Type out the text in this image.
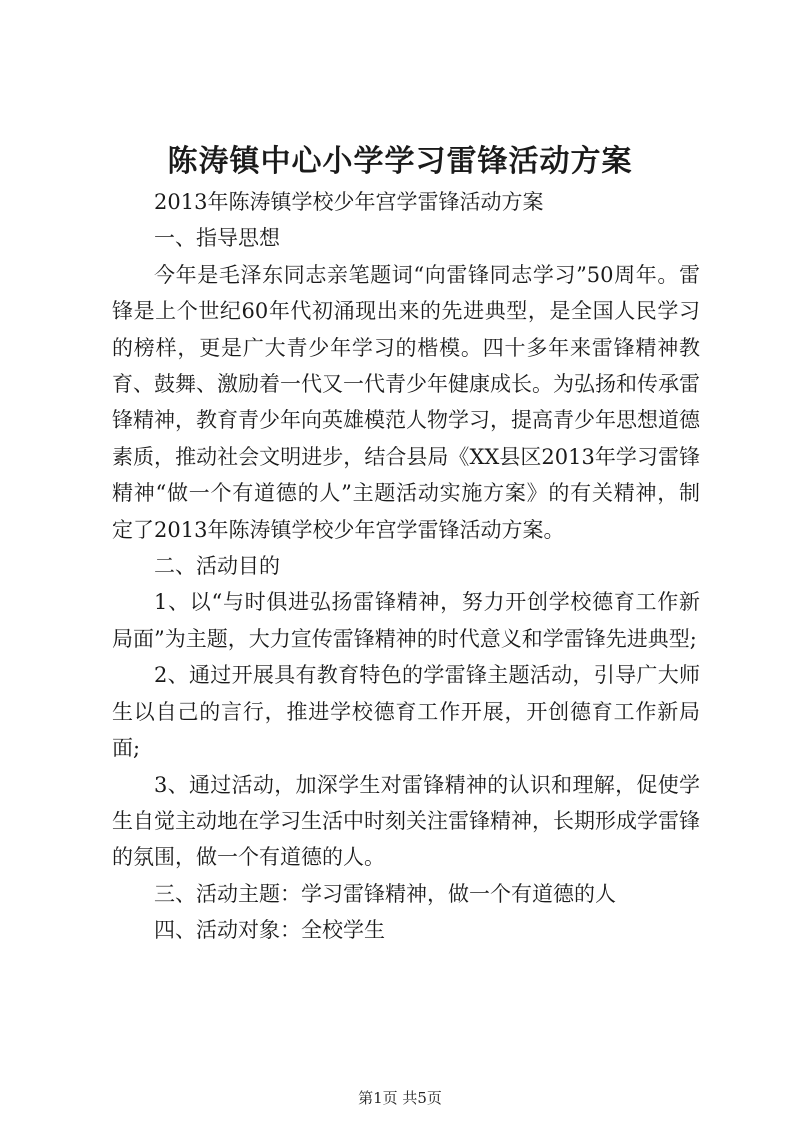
陈涛镇中心小学学习雷锋活动方案

2013年陈涛镇学校少年宫学雷锋活动方案

一、指导思想

今年是毛泽东同志亲笔题词“向雷锋同志学习”50周年。雷锋是上个世纪60年代初涌现出来的先进典型，是全国人民学习的榜样，更是广大青少年学习的楷模。四十多年来雷锋精神教育、鼓舞、激励着一代又一代青少年健康成长。为弘扬和传承雷锋精神，教育青少年向英雄模范人物学习，提高青少年思想道德素质，推动社会文明进步，结合县局《XX县区2013年学习雷锋精神“做一个有道德的人”主题活动实施方案》的有关精神，制定了2013年陈涛镇学校少年宫学雷锋活动方案。

二、活动目的

1、以“与时俱进弘扬雷锋精神，努力开创学校德育工作新局面”为主题，大力宣传雷锋精神的时代意义和学雷锋先进典型;

2、通过开展具有教育特色的学雷锋主题活动，引导广大师生以自己的言行，推进学校德育工作开展，开创德育工作新局面;

3、通过活动，加深学生对雷锋精神的认识和理解，促使学生自觉主动地在学习生活中时刻关注雷锋精神，长期形成学雷锋的氛围，做一个有道德的人。

三、活动主题：学习雷锋精神，做一个有道德的人

四、活动对象：全校学生

第1页 共5页
